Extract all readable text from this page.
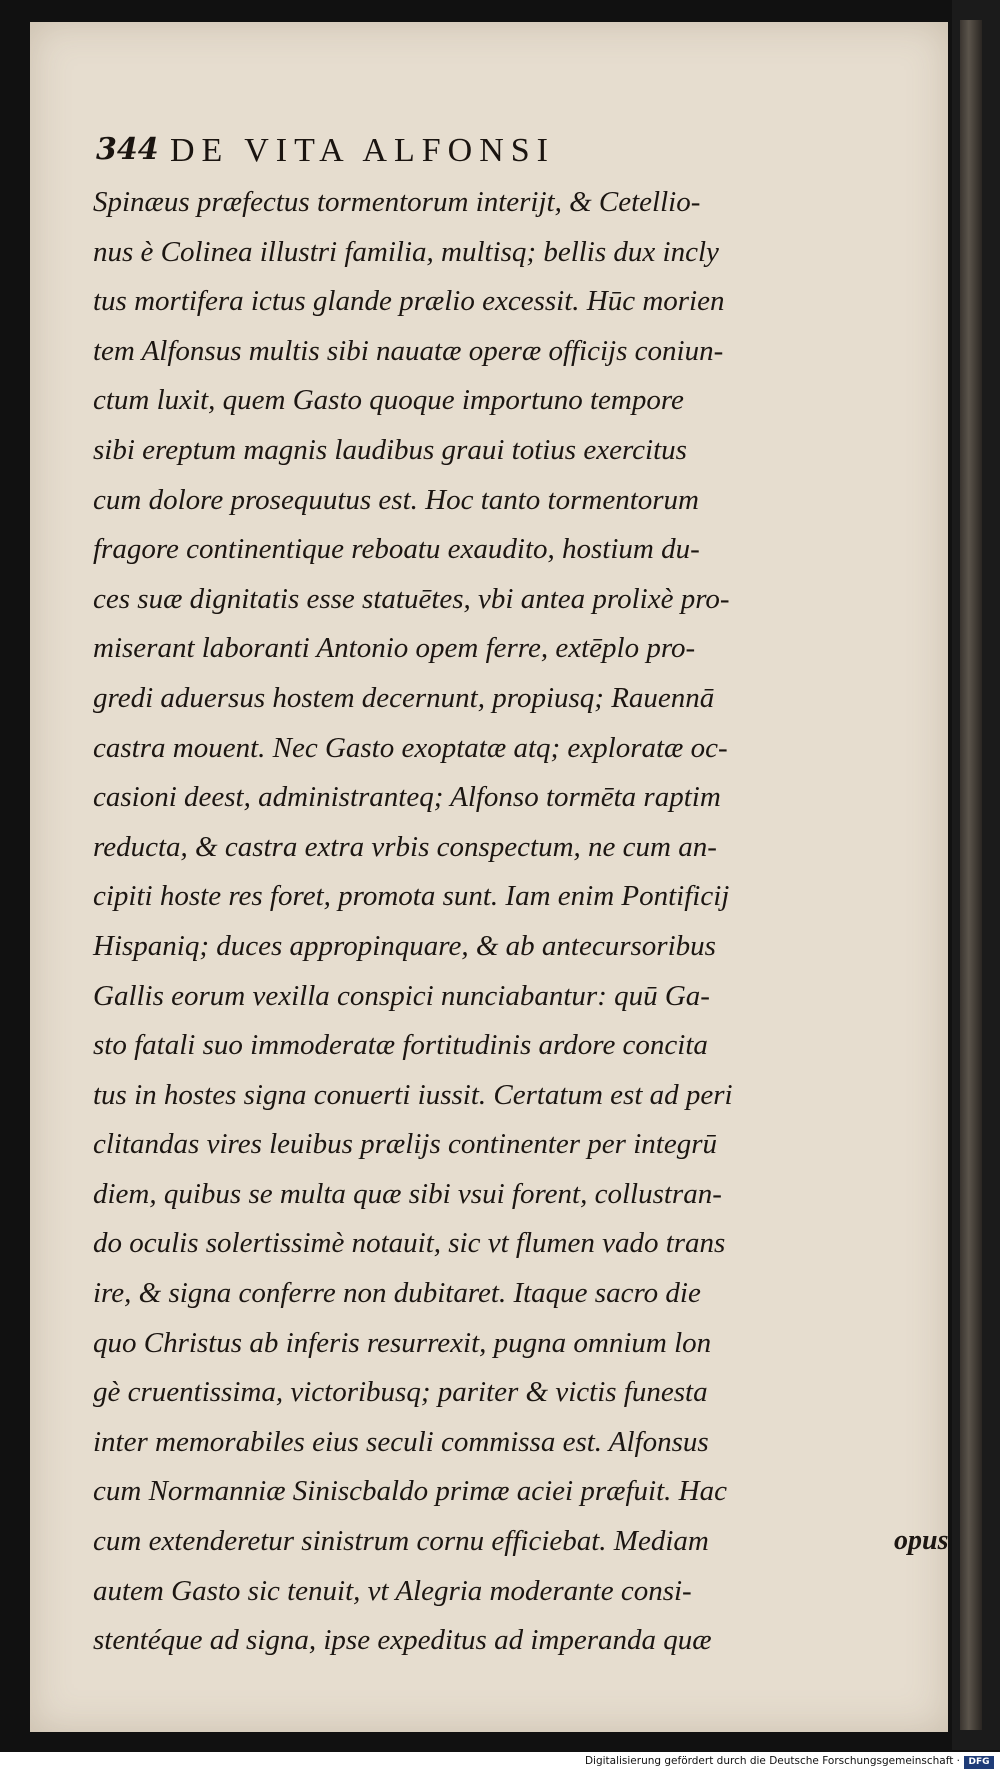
344 DE VITA ALFONSI
Spinæus præfectus tormentorum interijt, & Cetellio-
nus è Colinea illustri familia, multisq; bellis dux incly
tus mortifera ictus glande prælio excessit. Hūc morien
tem Alfonsus multis sibi nauatæ operæ officijs coniun-
ctum luxit, quem Gasto quoque importuno tempore
sibi ereptum magnis laudibus graui totius exercitus
cum dolore prosequutus est. Hoc tanto tormentorum
fragore continentique reboatu exaudito, hostium du-
ces suæ dignitatis esse statuētes, vbi antea prolixè pro-
miserant laboranti Antonio opem ferre, extēplo pro-
gredi aduersus hostem decernunt, propiusq; Rauennā
castra mouent. Nec Gasto exoptatæ atq; exploratæ oc-
casioni deest, administranteq; Alfonso tormēta raptim
reducta, & castra extra vrbis conspectum, ne cum an-
cipiti hoste res foret, promota sunt. Iam enim Pontificij
Hispaniq; duces appropinquare, & ab antecursoribus
Gallis eorum vexilla conspici nunciabantur: quū Ga-
sto fatali suo immoderatæ fortitudinis ardore concita
tus in hostes signa conuerti iussit. Certatum est ad peri
clitandas vires leuibus prælijs continenter per integrū
diem, quibus se multa quæ sibi vsui forent, collustran-
do oculis solertissimè notauit, sic vt flumen vado trans
ire, & signa conferre non dubitaret. Itaque sacro die
quo Christus ab inferis resurrexit, pugna omnium lon
gè cruentissima, victoribusq; pariter & victis funesta
inter memorabiles eius seculi commissa est. Alfonsus
cum Normanniæ Siniscbaldo primæ aciei præfuit. Hac
cum extenderetur sinistrum cornu efficiebat. Mediam
autem Gasto sic tenuit, vt Alegria moderante consi-
stentéque ad signa, ipse expeditus ad imperanda quæ
opus
Digitalisierung gefördert durch die Deutsche Forschungsgemeinschaft · DFG
